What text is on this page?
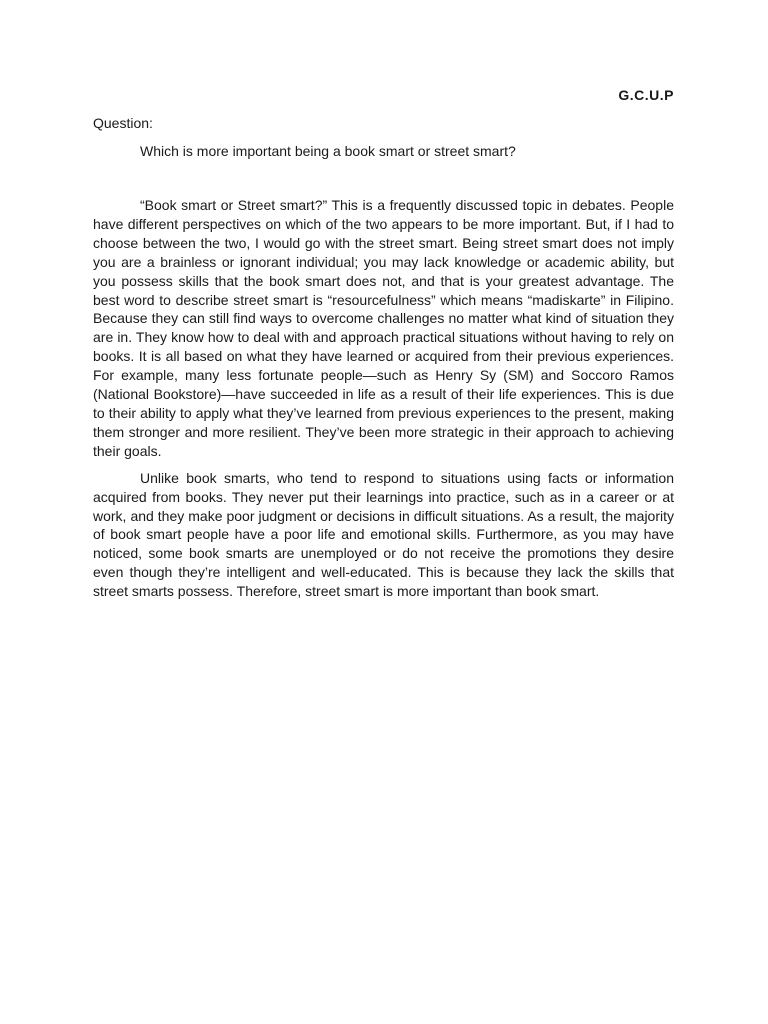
G.C.U.P
Question:
Which is more important being a book smart or street smart?

“Book smart or Street smart?” This is a frequently discussed topic in debates. People have different perspectives on which of the two appears to be more important. But, if I had to choose between the two, I would go with the street smart. Being street smart does not imply you are a brainless or ignorant individual; you may lack knowledge or academic ability, but you possess skills that the book smart does not, and that is your greatest advantage. The best word to describe street smart is “resourcefulness” which means “madiskarte” in Filipino. Because they can still find ways to overcome challenges no matter what kind of situation they are in. They know how to deal with and approach practical situations without having to rely on books. It is all based on what they have learned or acquired from their previous experiences. For example, many less fortunate people—such as Henry Sy (SM) and Soccoro Ramos (National Bookstore)—have succeeded in life as a result of their life experiences. This is due to their ability to apply what they’ve learned from previous experiences to the present, making them stronger and more resilient. They’ve been more strategic in their approach to achieving their goals.

Unlike book smarts, who tend to respond to situations using facts or information acquired from books. They never put their learnings into practice, such as in a career or at work, and they make poor judgment or decisions in difficult situations. As a result, the majority of book smart people have a poor life and emotional skills. Furthermore, as you may have noticed, some book smarts are unemployed or do not receive the promotions they desire even though they’re intelligent and well-educated. This is because they lack the skills that street smarts possess. Therefore, street smart is more important than book smart.
